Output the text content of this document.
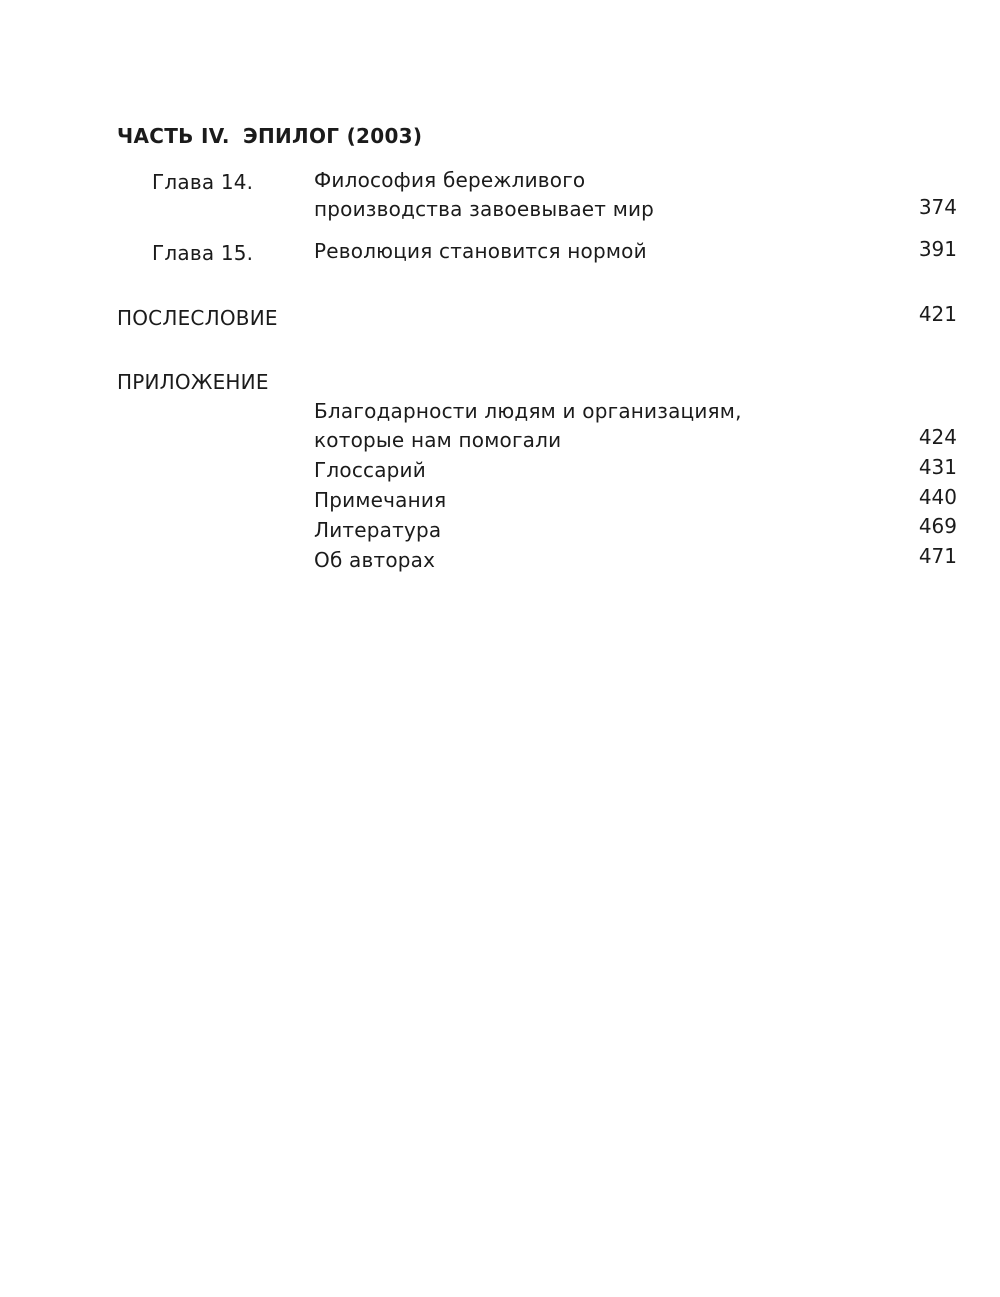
ЧАСТЬ IV. ЭПИЛОГ (2003)
Глава 14.	Философия бережливого
производства завоевывает мир	374
Глава 15.	Революция становится нормой	391
ПОСЛЕСЛОВИЕ	421
ПРИЛОЖЕНИЕ
Благодарности людям и организациям,
которые нам помогали	424
Глоссарий	431
Примечания	440
Литература	469
Об авторах	471
